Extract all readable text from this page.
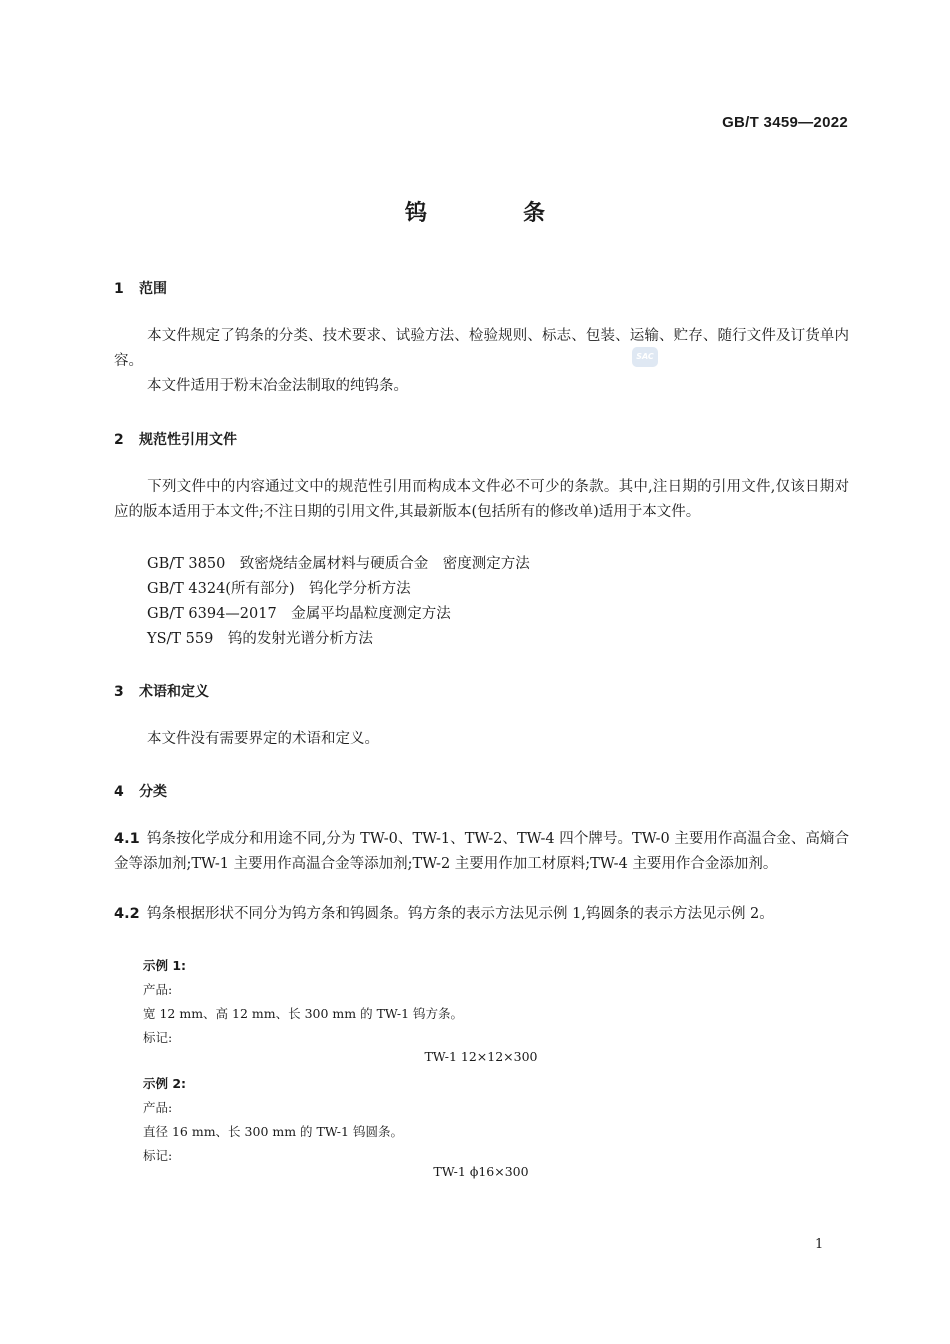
GB/T 3459—2022
钨	条
SAC
1 范围
本文件规定了钨条的分类、技术要求、试验方法、检验规则、标志、包装、运输、贮存、随行文件及订货单内容。
本文件适用于粉末冶金法制取的纯钨条。
2 规范性引用文件
下列文件中的内容通过文中的规范性引用而构成本文件必不可少的条款。其中,注日期的引用文件,仅该日期对应的版本适用于本文件;不注日期的引用文件,其最新版本(包括所有的修改单)适用于本文件。
GB/T 3850　致密烧结金属材料与硬质合金　密度测定方法
GB/T 4324(所有部分)　钨化学分析方法
GB/T 6394—2017　金属平均晶粒度测定方法
YS/T 559　钨的发射光谱分析方法
3 术语和定义
本文件没有需要界定的术语和定义。
4 分类
4.1 钨条按化学成分和用途不同,分为 TW-0、TW-1、TW-2、TW-4 四个牌号。TW-0 主要用作高温合金、高熵合金等添加剂;TW-1 主要用作高温合金等添加剂;TW-2 主要用作加工材原料;TW-4 主要用作合金添加剂。
4.2 钨条根据形状不同分为钨方条和钨圆条。钨方条的表示方法见示例 1,钨圆条的表示方法见示例 2。
示例 1:
产品:
宽 12 mm、高 12 mm、长 300 mm 的 TW-1 钨方条。
标记:
TW-1 12×12×300
示例 2:
产品:
直径 16 mm、长 300 mm 的 TW-1 钨圆条。
标记:
TW-1 ϕ16×300
1
